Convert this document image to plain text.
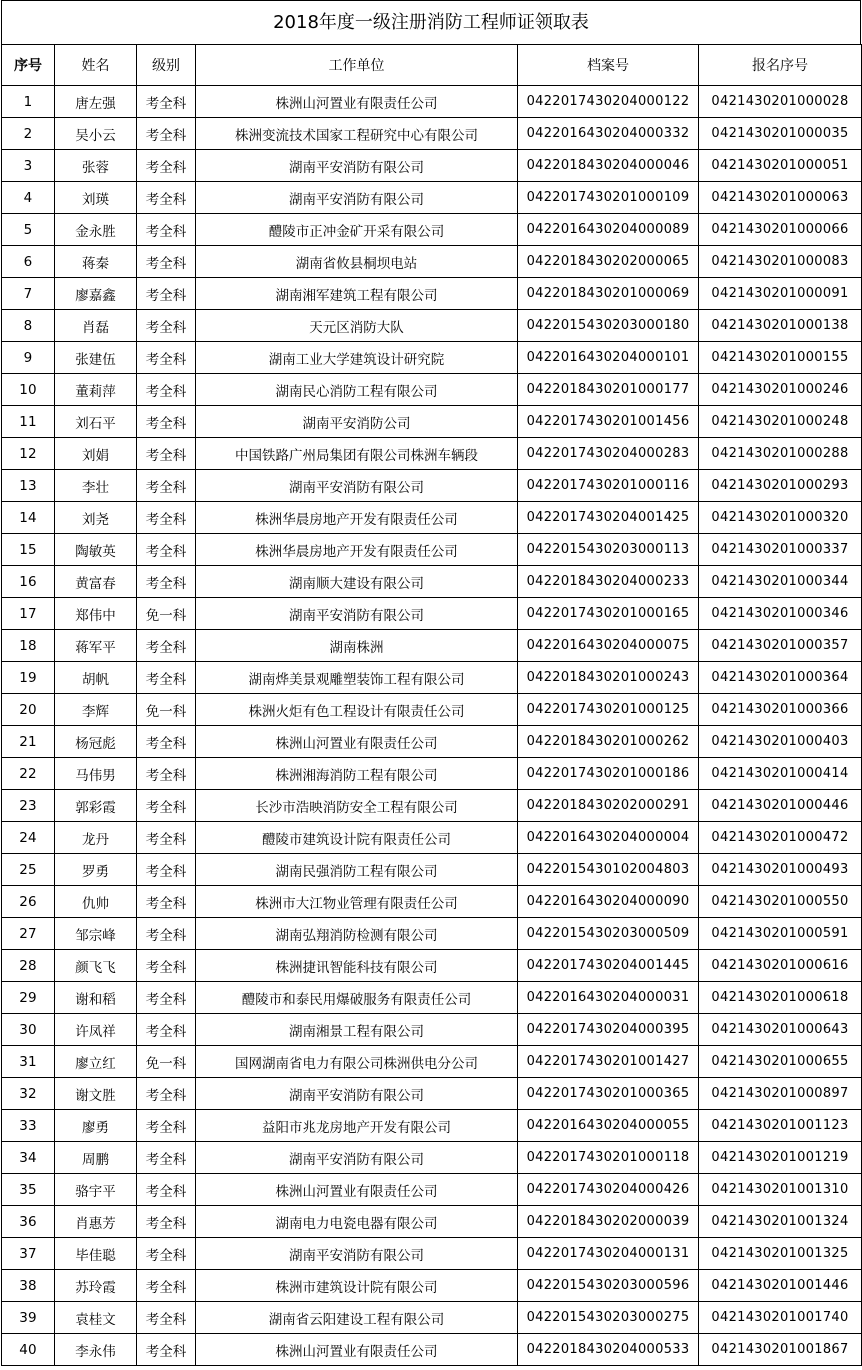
2018年度一级注册消防工程师证领取表
序号	姓名	级别	工作单位	档案号	报名序号
1	唐左强	考全科	株洲山河置业有限责任公司	0422017430204000122	0421430201000028
2	吴小云	考全科	株洲变流技术国家工程研究中心有限公司	0422016430204000332	0421430201000035
3	张蓉	考全科	湖南平安消防有限公司	0422018430204000046	0421430201000051
4	刘瑛	考全科	湖南平安消防有限公司	0422017430201000109	0421430201000063
5	金永胜	考全科	醴陵市正冲金矿开采有限公司	0422016430204000089	0421430201000066
6	蒋秦	考全科	湖南省攸县桐坝电站	0422018430202000065	0421430201000083
7	廖嘉鑫	考全科	湖南湘军建筑工程有限公司	0422018430201000069	0421430201000091
8	肖磊	考全科	天元区消防大队	0422015430203000180	0421430201000138
9	张建伍	考全科	湖南工业大学建筑设计研究院	0422016430204000101	0421430201000155
10	董莉萍	考全科	湖南民心消防工程有限公司	0422018430201000177	0421430201000246
11	刘石平	考全科	湖南平安消防公司	0422017430201001456	0421430201000248
12	刘娟	考全科	中国铁路广州局集团有限公司株洲车辆段	0422017430204000283	0421430201000288
13	李壮	考全科	湖南平安消防有限公司	0422017430201000116	0421430201000293
14	刘尧	考全科	株洲华晨房地产开发有限责任公司	0422017430204001425	0421430201000320
15	陶敏英	考全科	株洲华晨房地产开发有限责任公司	0422015430203000113	0421430201000337
16	黄富春	考全科	湖南顺大建设有限公司	0422018430204000233	0421430201000344
17	郑伟中	免一科	湖南平安消防有限公司	0422017430201000165	0421430201000346
18	蒋军平	考全科	湖南株洲	0422016430204000075	0421430201000357
19	胡帆	考全科	湖南烨美景观雕塑装饰工程有限公司	0422018430201000243	0421430201000364
20	李辉	免一科	株洲火炬有色工程设计有限责任公司	0422017430201000125	0421430201000366
21	杨冠彪	考全科	株洲山河置业有限责任公司	0422018430201000262	0421430201000403
22	马伟男	考全科	株洲湘海消防工程有限公司	0422017430201000186	0421430201000414
23	郭彩霞	考全科	长沙市浩映消防安全工程有限公司	0422018430202000291	0421430201000446
24	龙丹	考全科	醴陵市建筑设计院有限责任公司	0422016430204000004	0421430201000472
25	罗勇	考全科	湖南民强消防工程有限公司	0422015430102004803	0421430201000493
26	仇帅	考全科	株洲市大江物业管理有限责任公司	0422016430204000090	0421430201000550
27	邹宗峰	考全科	湖南弘翔消防检测有限公司	0422015430203000509	0421430201000591
28	颜飞飞	考全科	株洲捷讯智能科技有限公司	0422017430204001445	0421430201000616
29	谢和稻	考全科	醴陵市和泰民用爆破服务有限责任公司	0422016430204000031	0421430201000618
30	许凤祥	考全科	湖南湘景工程有限公司	0422017430204000395	0421430201000643
31	廖立红	免一科	国网湖南省电力有限公司株洲供电分公司	0422017430201001427	0421430201000655
32	谢文胜	考全科	湖南平安消防有限公司	0422017430201000365	0421430201000897
33	廖勇	考全科	益阳市兆龙房地产开发有限公司	0422016430204000055	0421430201001123
34	周鹏	考全科	湖南平安消防有限公司	0422017430201000118	0421430201001219
35	骆宇平	考全科	株洲山河置业有限责任公司	0422017430204000426	0421430201001310
36	肖惠芳	考全科	湖南电力电瓷电器有限公司	0422018430202000039	0421430201001324
37	毕佳聪	考全科	湖南平安消防有限公司	0422017430204000131	0421430201001325
38	苏玲霞	考全科	株洲市建筑设计院有限公司	0422015430203000596	0421430201001446
39	袁桂文	考全科	湖南省云阳建设工程有限公司	0422015430203000275	0421430201001740
40	李永伟	考全科	株洲山河置业有限责任公司	0422018430204000533	0421430201001867
